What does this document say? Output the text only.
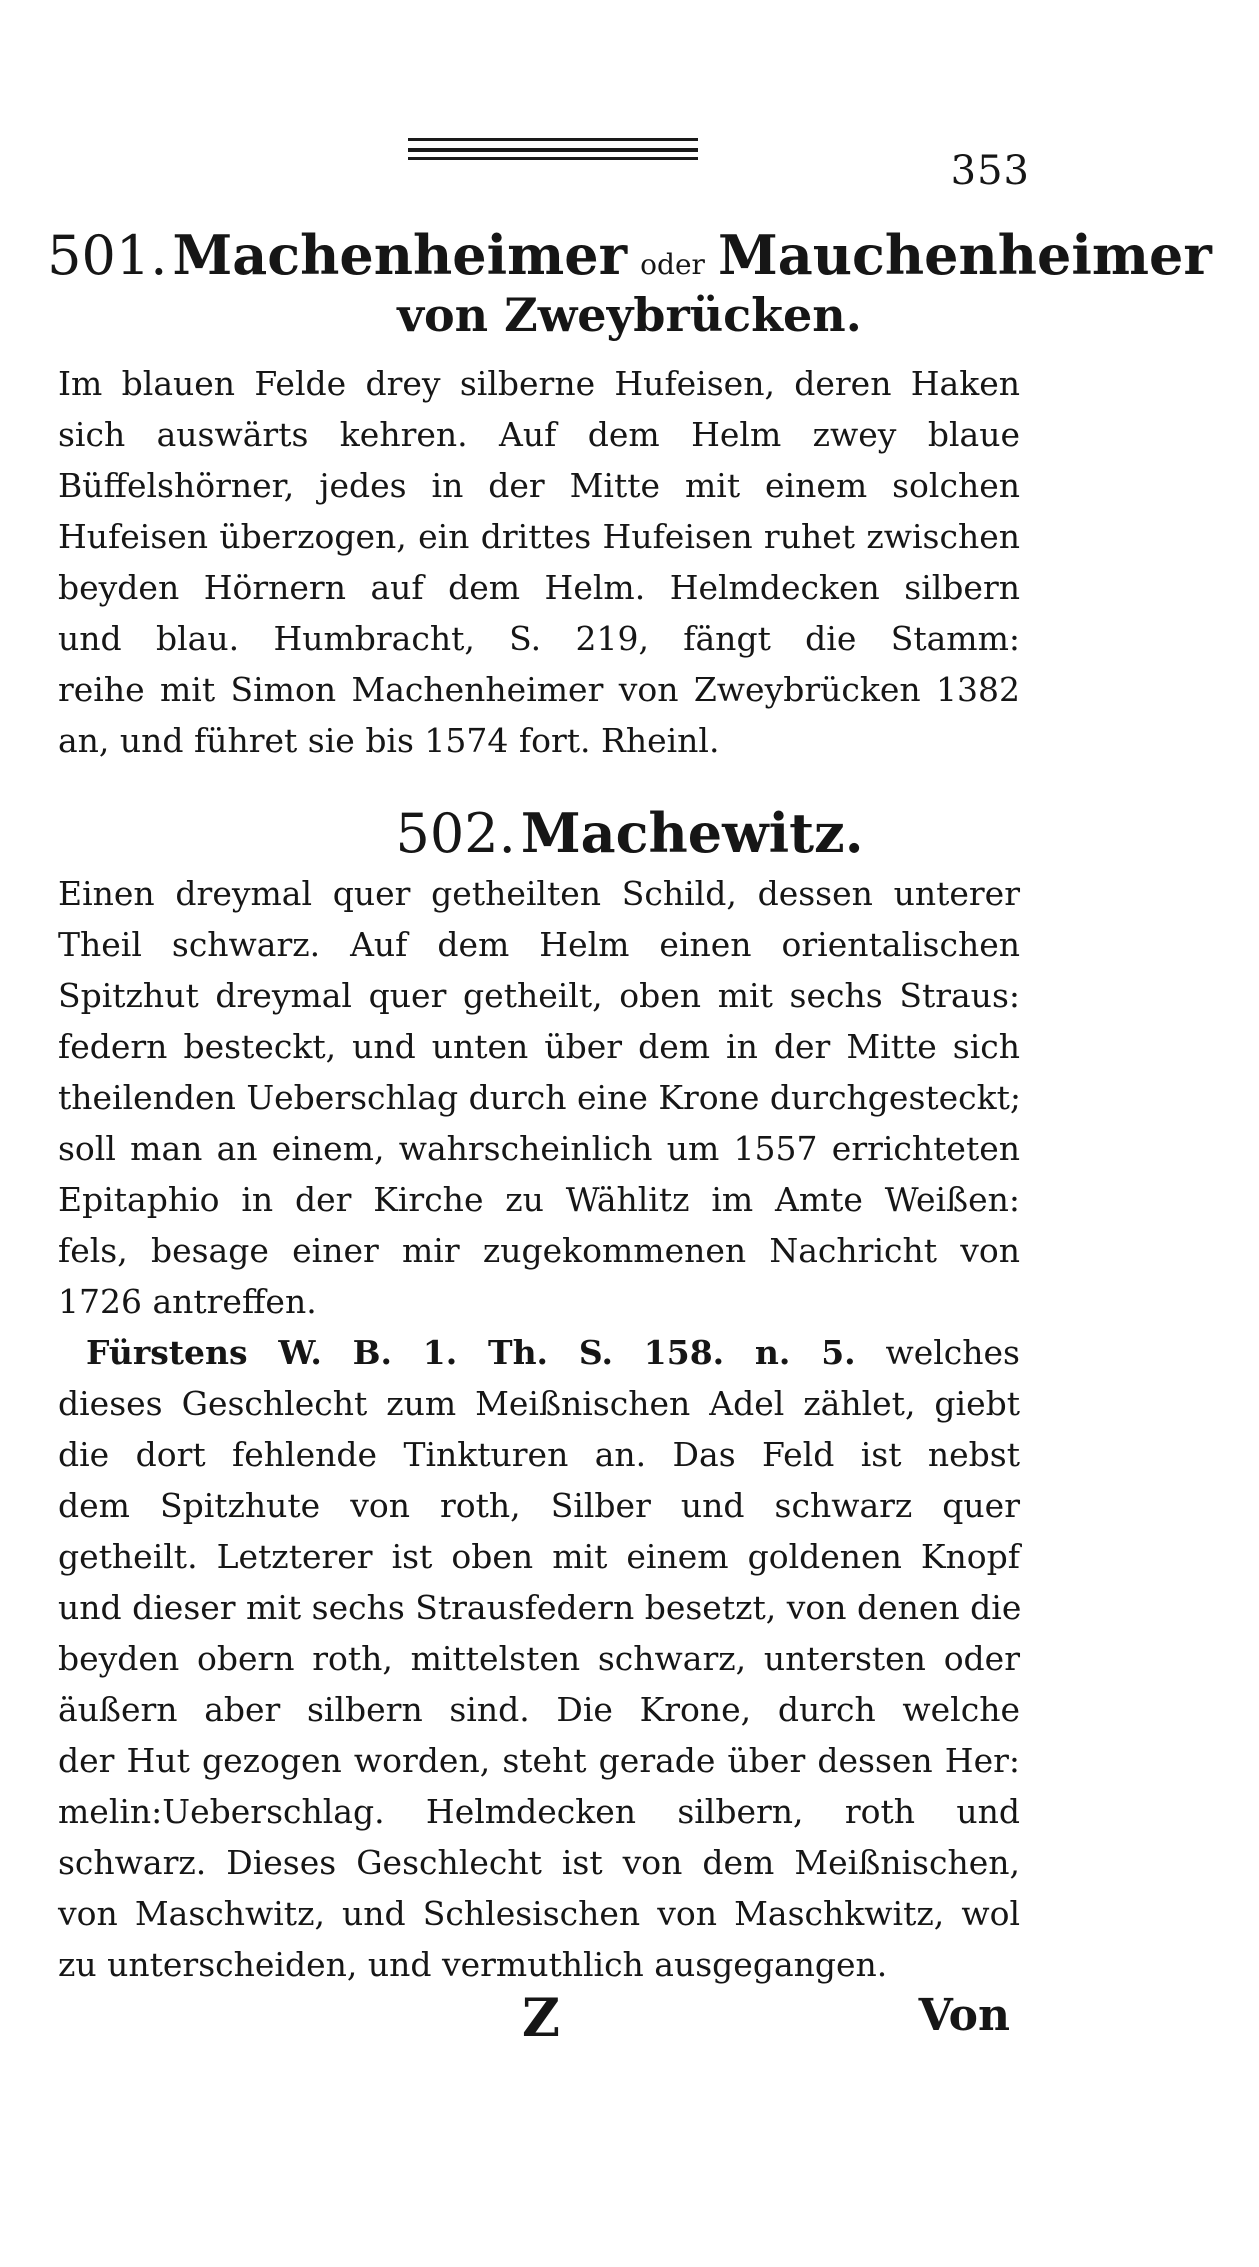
353
501. Machenheimer oder Mauchenheimer
von Zweybrücken.
Im blauen Felde drey silberne Hufeisen, deren Haken
sich auswärts kehren. Auf dem Helm zwey blaue
Büffelshörner, jedes in der Mitte mit einem solchen
Hufeisen überzogen, ein drittes Hufeisen ruhet zwischen
beyden Hörnern auf dem Helm. Helmdecken silbern
und blau. Humbracht, S. 219, fängt die Stamm:
reihe mit Simon Machenheimer von Zweybrücken 1382
an, und führet sie bis 1574 fort. Rheinl.
502. Machewitz.
Einen dreymal quer getheilten Schild, dessen unterer
Theil schwarz. Auf dem Helm einen orientalischen
Spitzhut dreymal quer getheilt, oben mit sechs Straus:
federn besteckt, und unten über dem in der Mitte sich
theilenden Ueberschlag durch eine Krone durchgesteckt;
soll man an einem, wahrscheinlich um 1557 errichteten
Epitaphio in der Kirche zu Wählitz im Amte Weißen:
fels, besage einer mir zugekommenen Nachricht von
1726 antreffen.
Fürstens W. B. 1. Th. S. 158. n. 5. welches
dieses Geschlecht zum Meißnischen Adel zählet, giebt
die dort fehlende Tinkturen an. Das Feld ist nebst
dem Spitzhute von roth, Silber und schwarz quer
getheilt. Letzterer ist oben mit einem goldenen Knopf
und dieser mit sechs Strausfedern besetzt, von denen die
beyden obern roth, mittelsten schwarz, untersten oder
äußern aber silbern sind. Die Krone, durch welche
der Hut gezogen worden, steht gerade über dessen Her:
melin:Ueberschlag. Helmdecken silbern, roth und
schwarz. Dieses Geschlecht ist von dem Meißnischen,
von Maschwitz, und Schlesischen von Maschkwitz, wol
zu unterscheiden, und vermuthlich ausgegangen.
Z	Von
